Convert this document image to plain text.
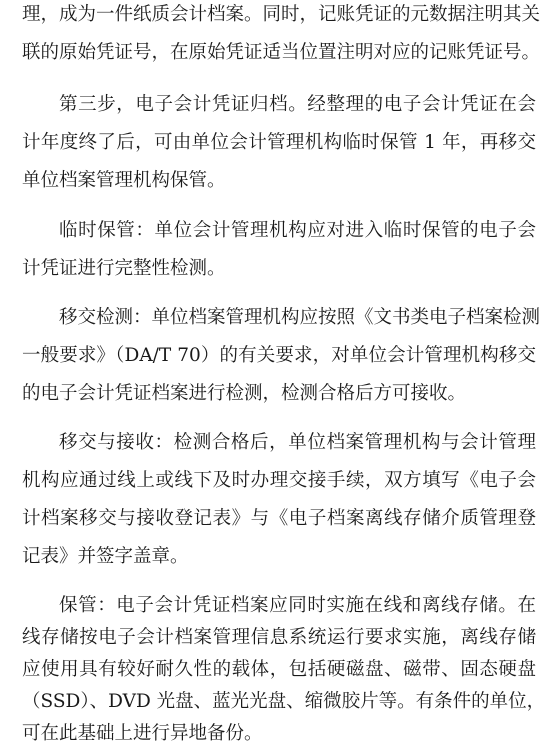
理，成为一件纸质会计档案。同时，记账凭证的元数据注明其关
联的原始凭证号，在原始凭证适当位置注明对应的记账凭证号。
第三步，电子会计凭证归档。经整理的电子会计凭证在会
计年度终了后，可由单位会计管理机构临时保管 1 年，再移交
单位档案管理机构保管。
临时保管：单位会计管理机构应对进入临时保管的电子会
计凭证进行完整性检测。
移交检测：单位档案管理机构应按照《文书类电子档案检测
一般要求》（DA/T 70）的有关要求，对单位会计管理机构移交
的电子会计凭证档案进行检测，检测合格后方可接收。
移交与接收：检测合格后，单位档案管理机构与会计管理
机构应通过线上或线下及时办理交接手续，双方填写《电子会
计档案移交与接收登记表》与《电子档案离线存储介质管理登
记表》并签字盖章。
保管：电子会计凭证档案应同时实施在线和离线存储。在
线存储按电子会计档案管理信息系统运行要求实施，离线存储
应使用具有较好耐久性的载体，包括硬磁盘、磁带、固态硬盘
（SSD）、DVD 光盘、蓝光光盘、缩微胶片等。有条件的单位，
可在此基础上进行异地备份。
